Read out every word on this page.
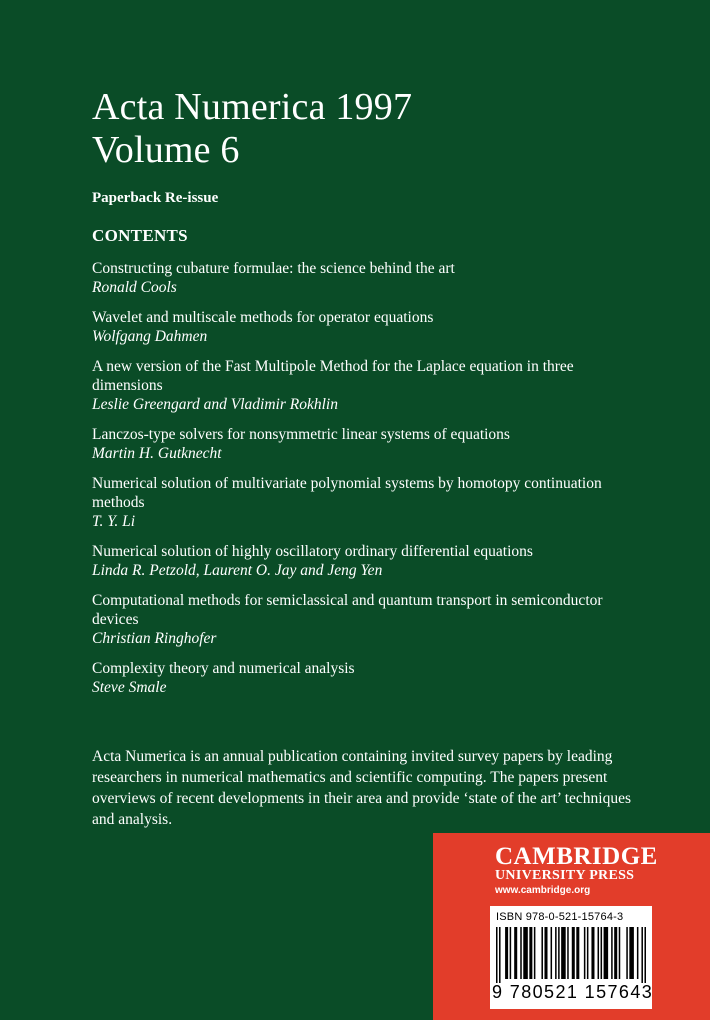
Acta Numerica 1997
Volume 6

Paperback Re-issue

CONTENTS

Constructing cubature formulae: the science behind the art
Ronald Cools
Wavelet and multiscale methods for operator equations
Wolfgang Dahmen
A new version of the Fast Multipole Method for the Laplace equation in three dimensions
Leslie Greengard and Vladimir Rokhlin
Lanczos-type solvers for nonsymmetric linear systems of equations
Martin H. Gutknecht
Numerical solution of multivariate polynomial systems by homotopy continuation methods
T. Y. Li
Numerical solution of highly oscillatory ordinary differential equations
Linda R. Petzold, Laurent O. Jay and Jeng Yen
Computational methods for semiclassical and quantum transport in semiconductor devices
Christian Ringhofer
Complexity theory and numerical analysis
Steve Smale

Acta Numerica is an annual publication containing invited survey papers by leading researchers in numerical mathematics and scientific computing. The papers present overviews of recent developments in their area and provide ‘state of the art’ techniques and analysis.

CAMBRIDGE

UNIVERSITY PRESS

www.cambridge.org

ISBN 978-0-521-15764-3

9 780521 157643
